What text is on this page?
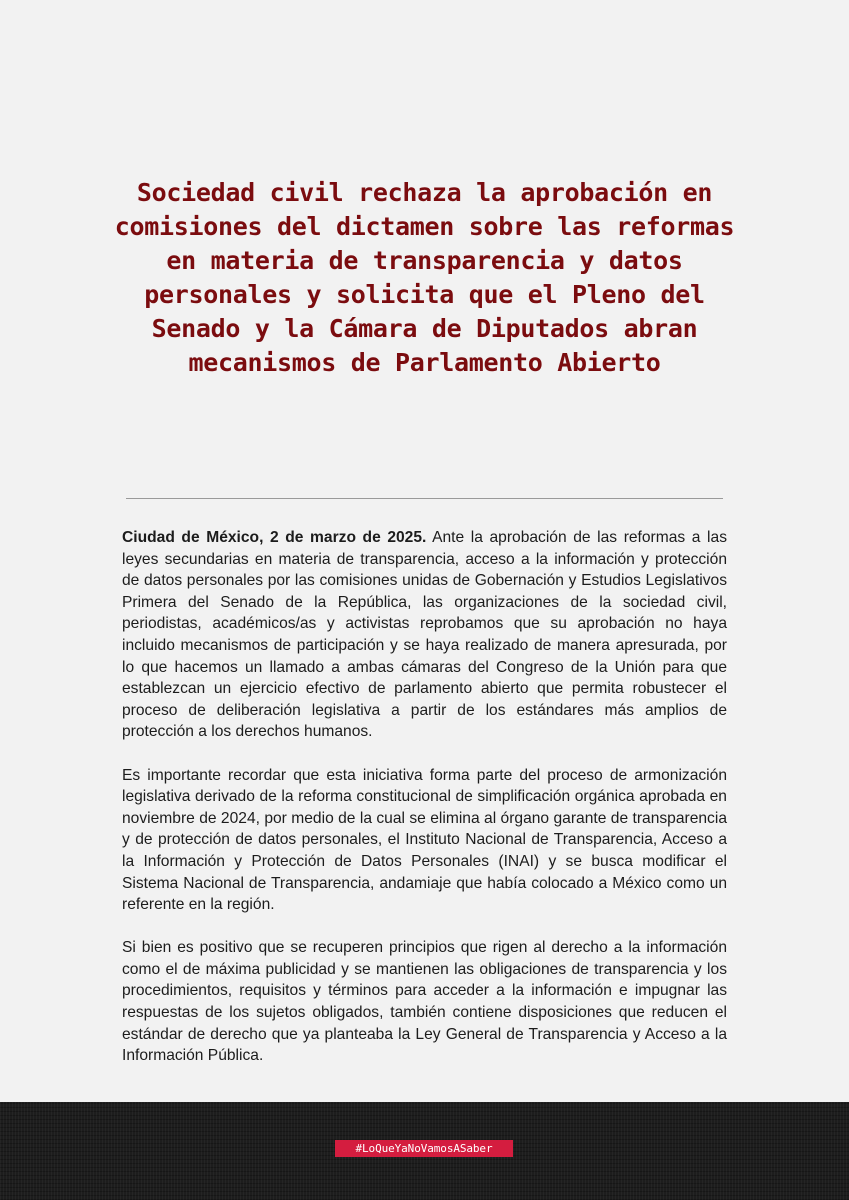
Sociedad civil rechaza la aprobación en comisiones del dictamen sobre las reformas en materia de transparencia y datos personales y solicita que el Pleno del Senado y la Cámara de Diputados abran mecanismos de Parlamento Abierto

Ciudad de México, 2 de marzo de 2025. Ante la aprobación de las reformas a las leyes secundarias en materia de transparencia, acceso a la información y protección de datos personales por las comisiones unidas de Gobernación y Estudios Legislativos Primera del Senado de la República, las organizaciones de la sociedad civil, periodistas, académicos/as y activistas reprobamos que su aprobación no haya incluido mecanismos de participación y se haya realizado de manera apresurada, por lo que hacemos un llamado a ambas cámaras del Congreso de la Unión para que establezcan un ejercicio efectivo de parlamento abierto que permita robustecer el proceso de deliberación legislativa a partir de los estándares más amplios de protección a los derechos humanos.

Es importante recordar que esta iniciativa forma parte del proceso de armonización legislativa derivado de la reforma constitucional de simplificación orgánica aprobada en noviembre de 2024, por medio de la cual se elimina al órgano garante de transparencia y de protección de datos personales, el Instituto Nacional de Transparencia, Acceso a la Información y Protección de Datos Personales (INAI) y se busca modificar el Sistema Nacional de Transparencia, andamiaje que había colocado a México como un referente en la región.

Si bien es positivo que se recuperen principios que rigen al derecho a la información como el de máxima publicidad y se mantienen las obligaciones de transparencia y los procedimientos, requisitos y términos para acceder a la información e impugnar las respuestas de los sujetos obligados, también contiene disposiciones que reducen el estándar de derecho que ya planteaba la Ley General de Transparencia y Acceso a la Información Pública.

#LoQueYaNoVamosASaber
